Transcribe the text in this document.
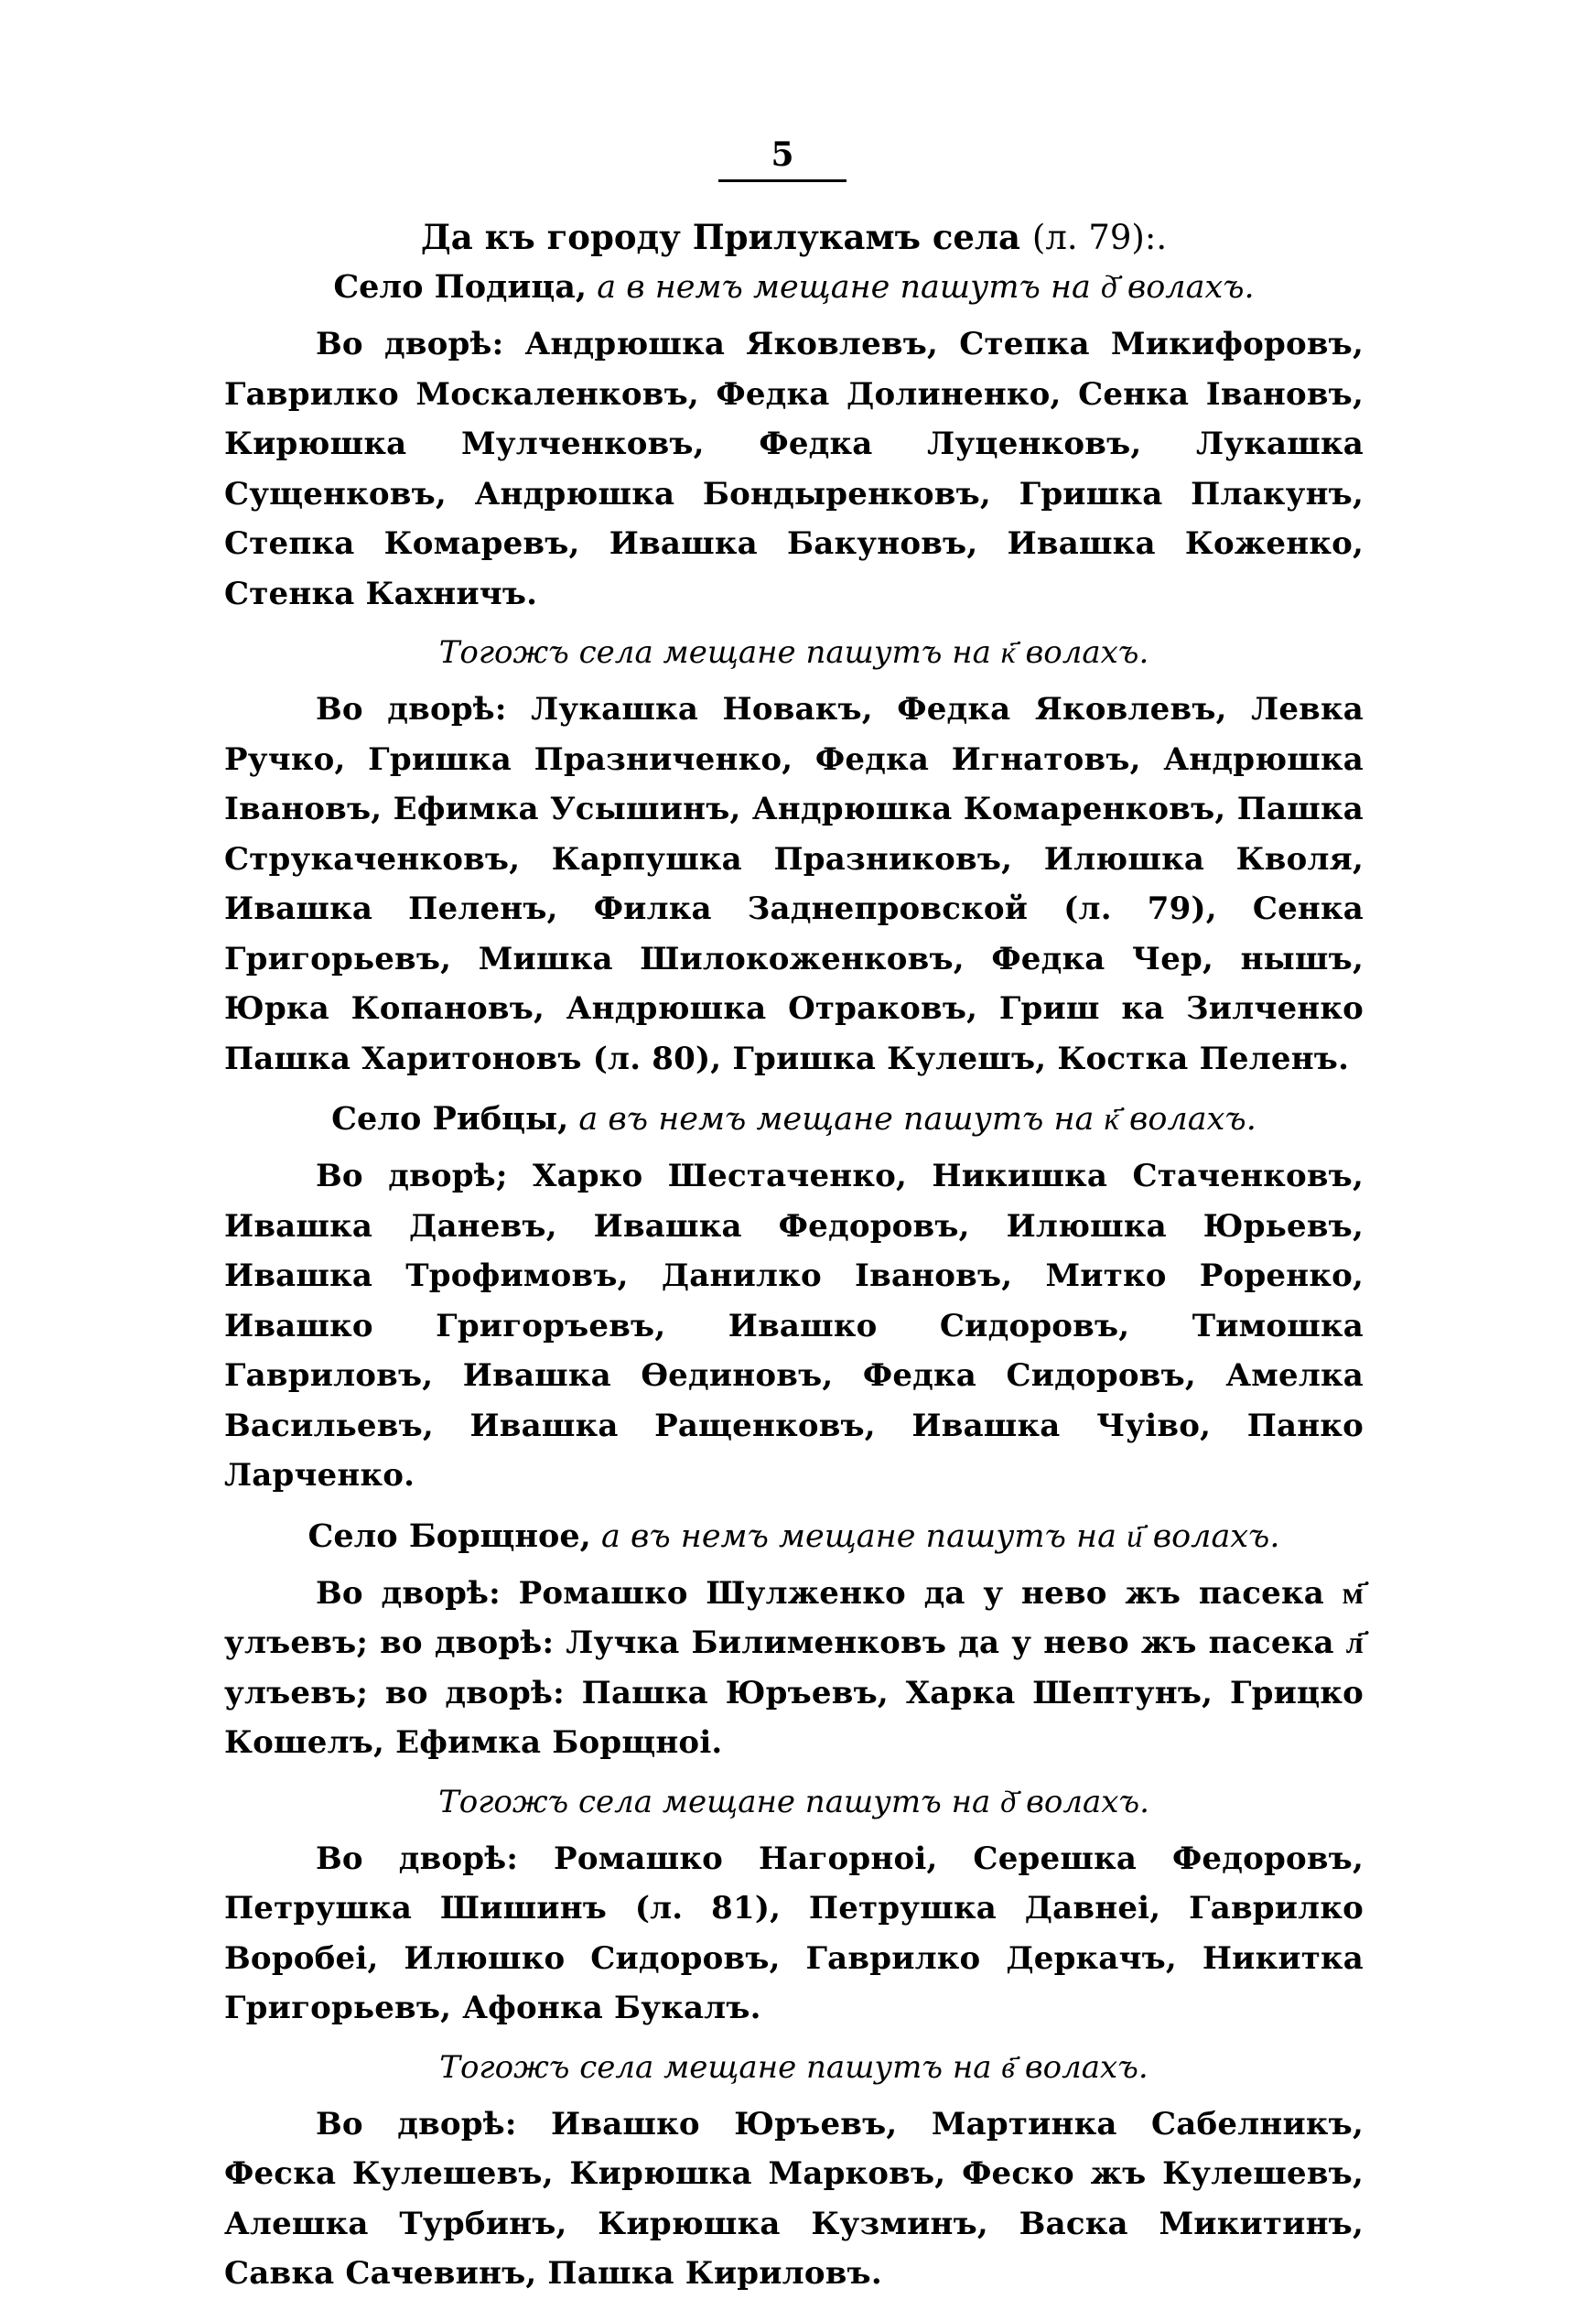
5

Да къ городу Прилукамъ села (л. 79):.

Село Подица, а в немъ мещане пашутъ на д҃ волахъ.

Во дворѣ: Андрюшка Яковлевъ, Степка Микифоровъ, Гаврилко Москаленковъ, Федка Долиненко, Сенка Івановъ, Кирюшка Мулченковъ, Федка Луценковъ, Лукашка Сущенковъ, Андрюшка Бондыренковъ, Гришка Плакунъ, Степка Комаревъ, Ивашка Бакуновъ, Ивашка Коженко, Стенка Кахничъ.

Тогожъ села мещане пашутъ на к҃ волахъ.

Во дворѣ: Лукашка Новакъ, Федка Яковлевъ, Левка Ручко, Гришка Празниченко, Федка Игнатовъ, Андрюшка Івановъ, Ефимка Усышинъ, Андрюшка Комаренковъ, Пашка Струкаченковъ, Карпушка Празниковъ, Илюшка Кволя, Ивашка Пеленъ, Филка Заднепровской (л. 79), Сенка Григорьевъ, Мишка Шилокоженковъ, Федка Чер, нышъ, Юрка Копановъ, Андрюшка Отраковъ, Гриш ка Зилченко Пашка Харитоновъ (л. 80), Гришка Кулешъ, Костка Пеленъ.

Село Рибцы, а въ немъ мещане пашутъ на к҃ волахъ.

Во дворѣ; Харко Шестаченко, Никишка Стаченковъ, Ивашка Даневъ, Ивашка Федоровъ, Илюшка Юрьевъ, Ивашка Трофимовъ, Данилко Івановъ, Митко Роренко, Ивашко Григоръевъ, Ивашко Сидоровъ, Тимошка Гавриловъ, Ивашка Ѳединовъ, Федка Сидоровъ, Амелка Васильевъ, Ивашка Ращенковъ, Ивашка Чуіво, Панко Ларченко.

Село Борщное, а въ немъ мещане пашутъ на и҃ волахъ.

Во дворѣ: Ромашко Шулженко да у нево жъ пасека м҃ улъевъ; во дворѣ: Лучка Билименковъ да у нево жъ пасека л҃ улъевъ; во дворѣ: Пашка Юръевъ, Харка Шептунъ, Грицко Кошелъ, Ефимка Борщноі.

Тогожъ села мещане пашутъ на д҃ волахъ.

Во дворѣ: Ромашко Нагорноі, Серешка Федоровъ, Петрушка Шишинъ (л. 81), Петрушка Давнеі, Гаврилко Воробеі, Илюшко Сидоровъ, Гаврилко Деркачъ, Никитка Григорьевъ, Афонка Букалъ.

Тогожъ села мещане пашутъ на в҃ волахъ.

Во дворѣ: Ивашко Юръевъ, Мартинка Сабелникъ, Феска Кулешевъ, Кирюшка Марковъ, Феско жъ Кулешевъ, Алешка Турбинъ, Кирюшка Кузминъ, Васка Микитинъ, Савка Сачевинъ, Пашка Кириловъ.
